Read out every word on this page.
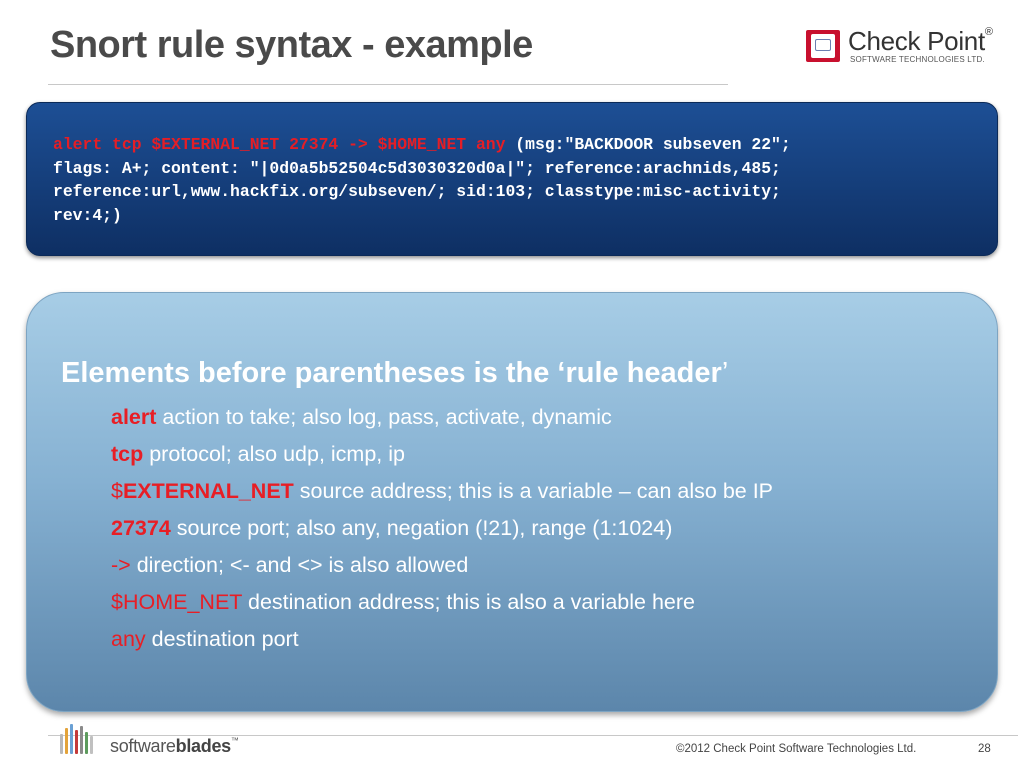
Snort rule syntax - example	Check Point®
SOFTWARE TECHNOLOGIES LTD.
alert tcp $EXTERNAL_NET 27374 -> $HOME_NET any (msg:"BACKDOOR subseven 22";
flags: A+; content: "|0d0a5b52504c5d3030320d0a|"; reference:arachnids,485;
reference:url,www.hackfix.org/subseven/; sid:103; classtype:misc-activity;
rev:4;)
Elements before parentheses is the ‘rule header’
alert action to take; also log, pass, activate, dynamic
tcp protocol; also udp, icmp, ip
$EXTERNAL_NET source address; this is a variable – can also be IP
27374 source port; also any, negation (!21), range (1:1024)
-> direction; <- and <> is also allowed
$HOME_NET destination address; this is also a variable here
any destination port
softwareblades™
©2012 Check Point Software Technologies Ltd.	28
